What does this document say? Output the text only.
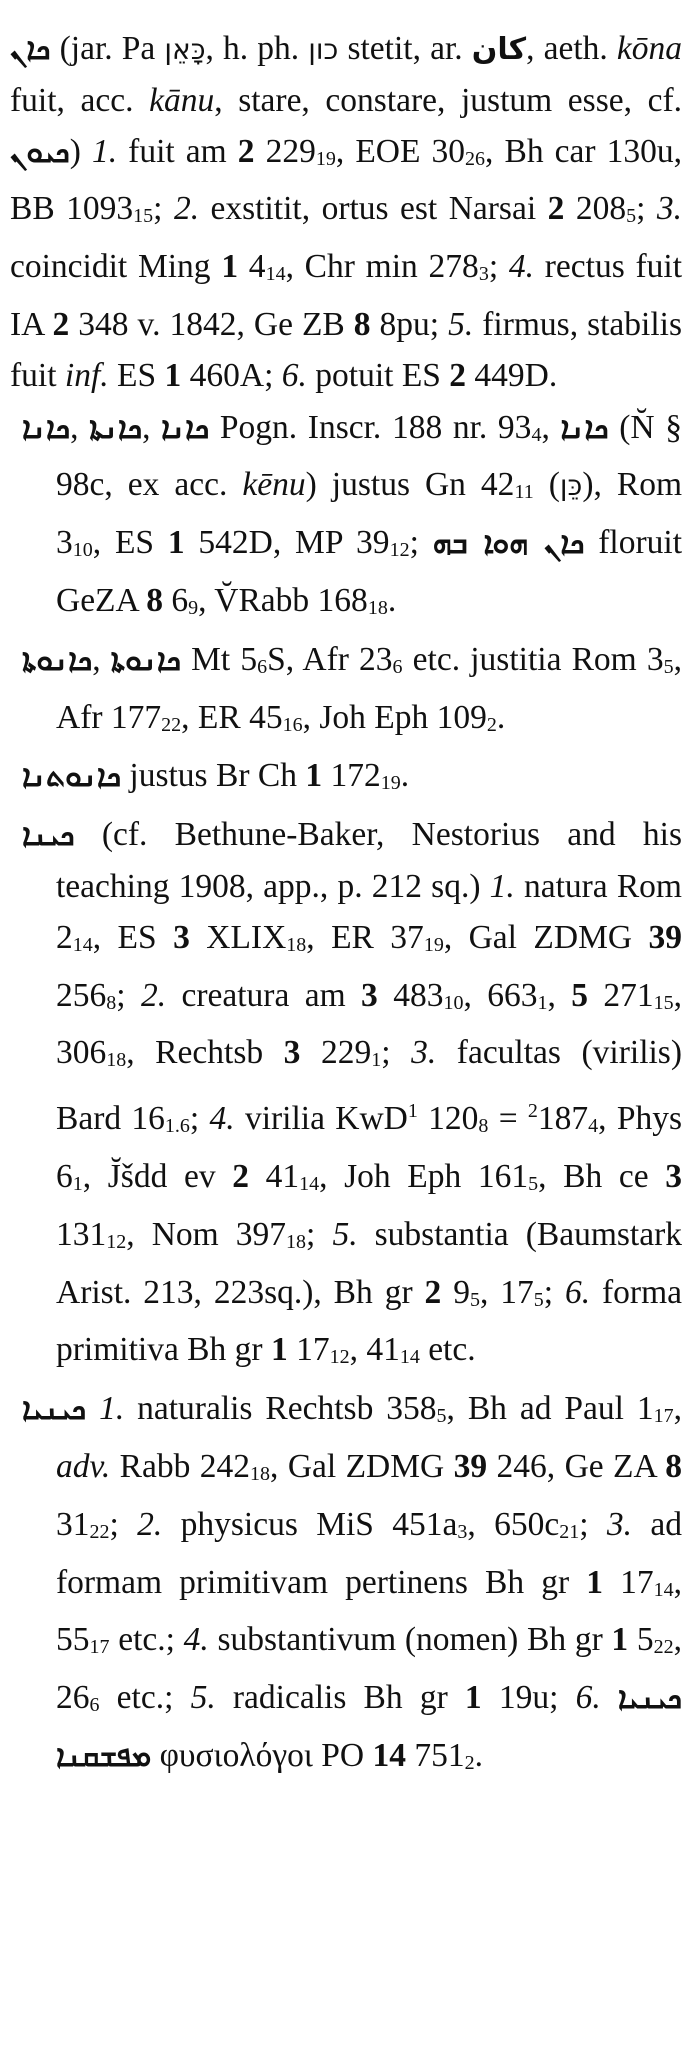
ܟܐܢ (jar. Pa כָּאֵן, h. ph. כון stetit, ar. كان, aeth. kōna fuit, acc. kānu, stare, constare, justum esse, cf. ܟܝܘܢ) 1. fuit am 2 22919, EOE 3026, Bh car 130u, BB 109315; 2. exstitit, ortus est Narsai 2 2085; 3. coincidit Ming 1 414, Chr min 2783; 4. rectus fuit IA 2 348 v. 1842, Ge ZB 8 8pu; 5. firmus, stabilis fuit inf. ES 1 460A; 6. potuit ES 2 449D.

ܟܐܢܐ, ܟܐܢܬܐ, ܟܐܢܐ Pogn. Inscr. 188 nr. 934, ܟܐܢܐ (N̆ § 98c, ex acc. kēnu) justus Gn 4211 (כֵּן), Rom 310, ES 1 542D, MP 3912; ܟܐܢ ܗܘܐ ܒܗ floruit GeZA 8 69, V̆Rabb 16818.

ܟܐܢܘܬܐ, ܟܐܢܘܬܐ Mt 56S, Afr 236 etc. justitia Rom 35, Afr 17722, ER 4516, Joh Eph 1092.

ܟܐܢܘܬܢܐ justus Br Ch 1 17219.

ܟܝܢܐ (cf. Bethune-Baker, Nestorius and his teaching 1908, app., p. 212 sq.) 1. natura Rom 214, ES 3 XLIX18, ER 3719, Gal ZDMG 39 2568; 2. creatura am 3 48310, 6631, 5 27115, 30618, Rechtsb 3 2291; 3. facultas (virilis) Bard 161.6; 4. virilia KwD$^1$ 1208 = $^2$1874, Phys 61, J̆šdd ev 2 4114, Joh Eph 1615, Bh ce 3 13112, Nom 39718; 5. substantia (Baumstark Arist. 213, 223sq.), Bh gr 2 95, 175; 6. forma primitiva Bh gr 1 1712, 4114 etc.

ܟܝܢܝܐ 1. naturalis Rechtsb 3585, Bh ad Paul 117, adv. Rabb 24218, Gal ZDMG 39 246, Ge ZA 8 3122; 2. physicus MiS 451a3, 650c21; 3. ad formam primitivam pertinens Bh gr 1 1714, 5517 etc.; 4. substantivum (nomen) Bh gr 1 522, 266 etc.; 5. radicalis Bh gr 1 19u; 6. ܟܝܢܝܐ ܡܦܫܩܢܐ φυσιολόγοι PO 14 7512.
